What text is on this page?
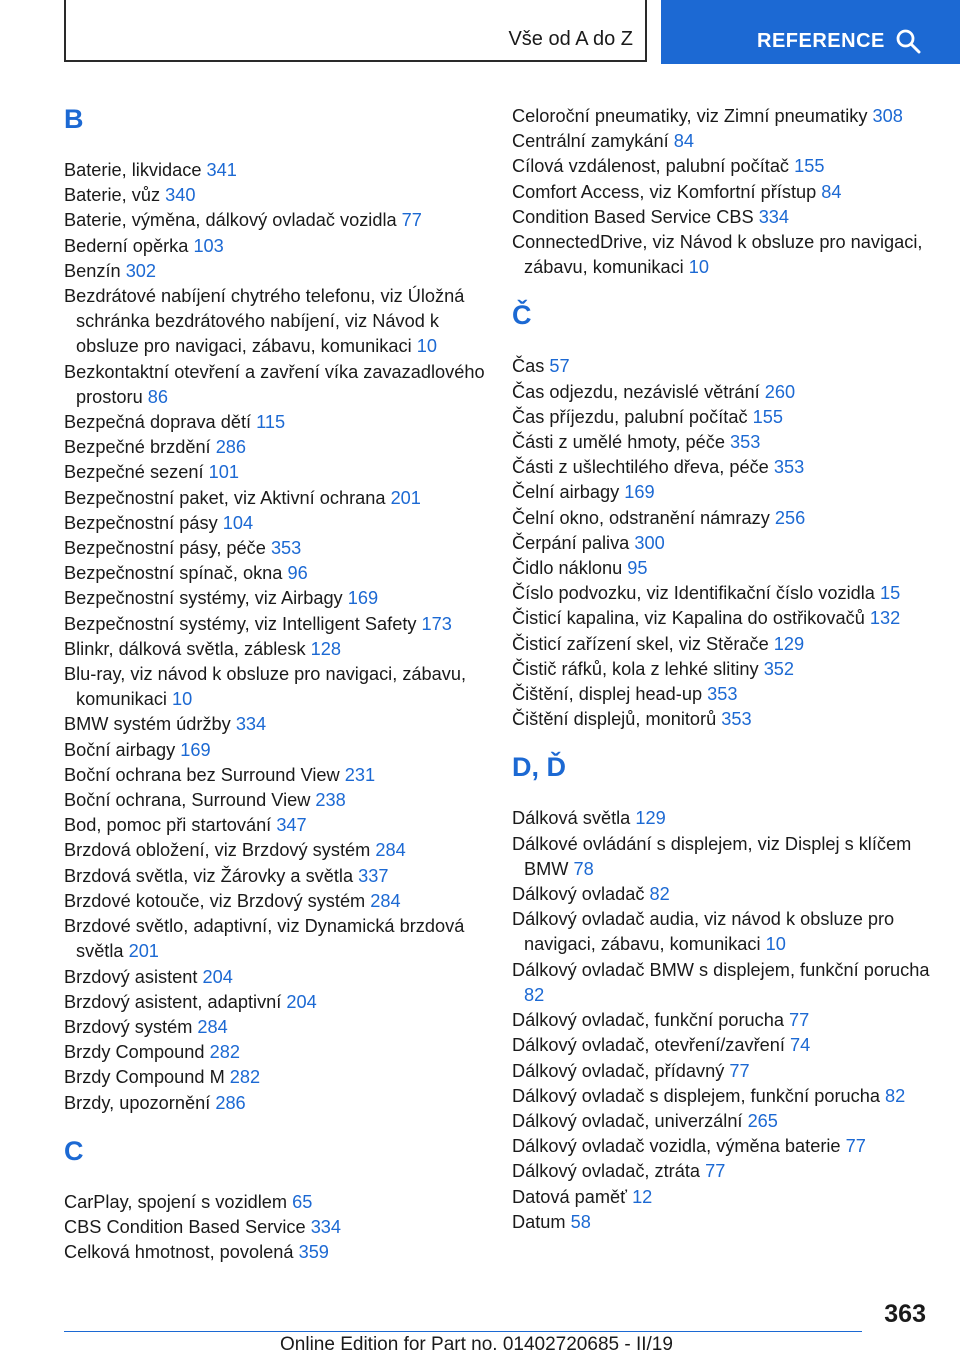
Vše od A do Z	REFERENCE
B
Baterie, likvidace 341
Baterie, vůz 340
Baterie, výměna, dálkový ovladač vozidla 77
Bederní opěrka 103
Benzín 302
Bezdrátové nabíjení chytrého telefonu, viz Úložná schránka bezdrátového nabíjení, viz Návod k obsluze pro navigaci, zábavu, komunikaci 10
Bezkontaktní otevření a zavření víka zavazadlového prostoru 86
Bezpečná doprava dětí 115
Bezpečné brzdění 286
Bezpečné sezení 101
Bezpečnostní paket, viz Aktivní ochrana 201
Bezpečnostní pásy 104
Bezpečnostní pásy, péče 353
Bezpečnostní spínač, okna 96
Bezpečnostní systémy, viz Airbagy 169
Bezpečnostní systémy, viz Intelligent Safety 173
Blinkr, dálková světla, záblesk 128
Blu-ray, viz návod k obsluze pro navigaci, zábavu, komunikaci 10
BMW systém údržby 334
Boční airbagy 169
Boční ochrana bez Surround View 231
Boční ochrana, Surround View 238
Bod, pomoc při startování 347
Brzdová obložení, viz Brzdový systém 284
Brzdová světla, viz Žárovky a světla 337
Brzdové kotouče, viz Brzdový systém 284
Brzdové světlo, adaptivní, viz Dynamická brzdová světla 201
Brzdový asistent 204
Brzdový asistent, adaptivní 204
Brzdový systém 284
Brzdy Compound 282
Brzdy Compound M 282
Brzdy, upozornění 286
C
CarPlay, spojení s vozidlem 65
CBS Condition Based Service 334
Celková hmotnost, povolená 359
Celoroční pneumatiky, viz Zimní pneumatiky 308
Centrální zamykání 84
Cílová vzdálenost, palubní počítač 155
Comfort Access, viz Komfortní přístup 84
Condition Based Service CBS 334
ConnectedDrive, viz Návod k obsluze pro navigaci, zábavu, komunikaci 10
Č
Čas 57
Čas odjezdu, nezávislé větrání 260
Čas příjezdu, palubní počítač 155
Části z umělé hmoty, péče 353
Části z ušlechtilého dřeva, péče 353
Čelní airbagy 169
Čelní okno, odstranění námrazy 256
Čerpání paliva 300
Čidlo náklonu 95
Číslo podvozku, viz Identifikační číslo vozidla 15
Čisticí kapalina, viz Kapalina do ostřikovačů 132
Čisticí zařízení skel, viz Stěrače 129
Čistič ráfků, kola z lehké slitiny 352
Čištění, displej head-up 353
Čištění displejů, monitorů 353
D, Ď
Dálková světla 129
Dálkové ovládání s displejem, viz Displej s klíčem BMW 78
Dálkový ovladač 82
Dálkový ovladač audia, viz návod k obsluze pro navigaci, zábavu, komunikaci 10
Dálkový ovladač BMW s displejem, funkční porucha 82
Dálkový ovladač, funkční porucha 77
Dálkový ovladač, otevření/zavření 74
Dálkový ovladač, přídavný 77
Dálkový ovladač s displejem, funkční porucha 82
Dálkový ovladač, univerzální 265
Dálkový ovladač vozidla, výměna baterie 77
Dálkový ovladač, ztráta 77
Datová paměť 12
Datum 58
363
Online Edition for Part no. 01402720685 - II/19
